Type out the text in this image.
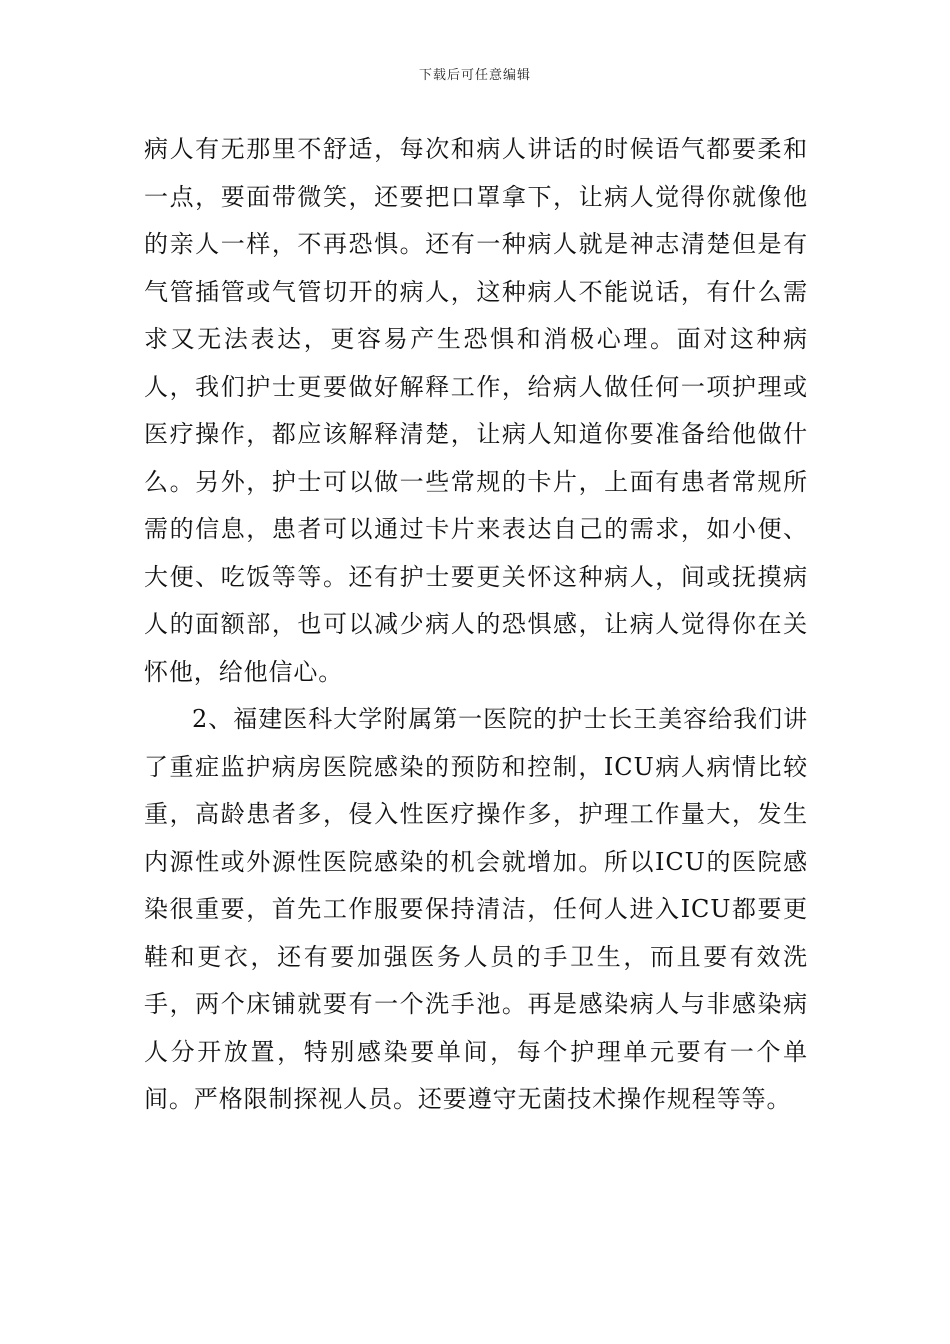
下载后可任意编辑

病人有无那里不舒适，每次和病人讲话的时候语气都要柔和一点，要面带微笑，还要把口罩拿下，让病人觉得你就像他的亲人一样，不再恐惧。还有一种病人就是神志清楚但是有气管插管或气管切开的病人，这种病人不能说话，有什么需求又无法表达，更容易产生恐惧和消极心理。面对这种病人，我们护士更要做好解释工作，给病人做任何一项护理或医疗操作，都应该解释清楚，让病人知道你要准备给他做什么。另外，护士可以做一些常规的卡片，上面有患者常规所需的信息，患者可以通过卡片来表达自己的需求，如小便、大便、吃饭等等。还有护士要更关怀这种病人，间或抚摸病人的面额部，也可以减少病人的恐惧感，让病人觉得你在关怀他，给他信心。

2、福建医科大学附属第一医院的护士长王美容给我们讲了重症监护病房医院感染的预防和控制，ICU病人病情比较重，高龄患者多，侵入性医疗操作多，护理工作量大，发生内源性或外源性医院感染的机会就增加。所以ICU的医院感染很重要，首先工作服要保持清洁，任何人进入ICU都要更鞋和更衣，还有要加强医务人员的手卫生，而且要有效洗手，两个床铺就要有一个洗手池。再是感染病人与非感染病人分开放置，特别感染要单间，每个护理单元要有一个单间。严格限制探视人员。还要遵守无菌技术操作规程等等。
